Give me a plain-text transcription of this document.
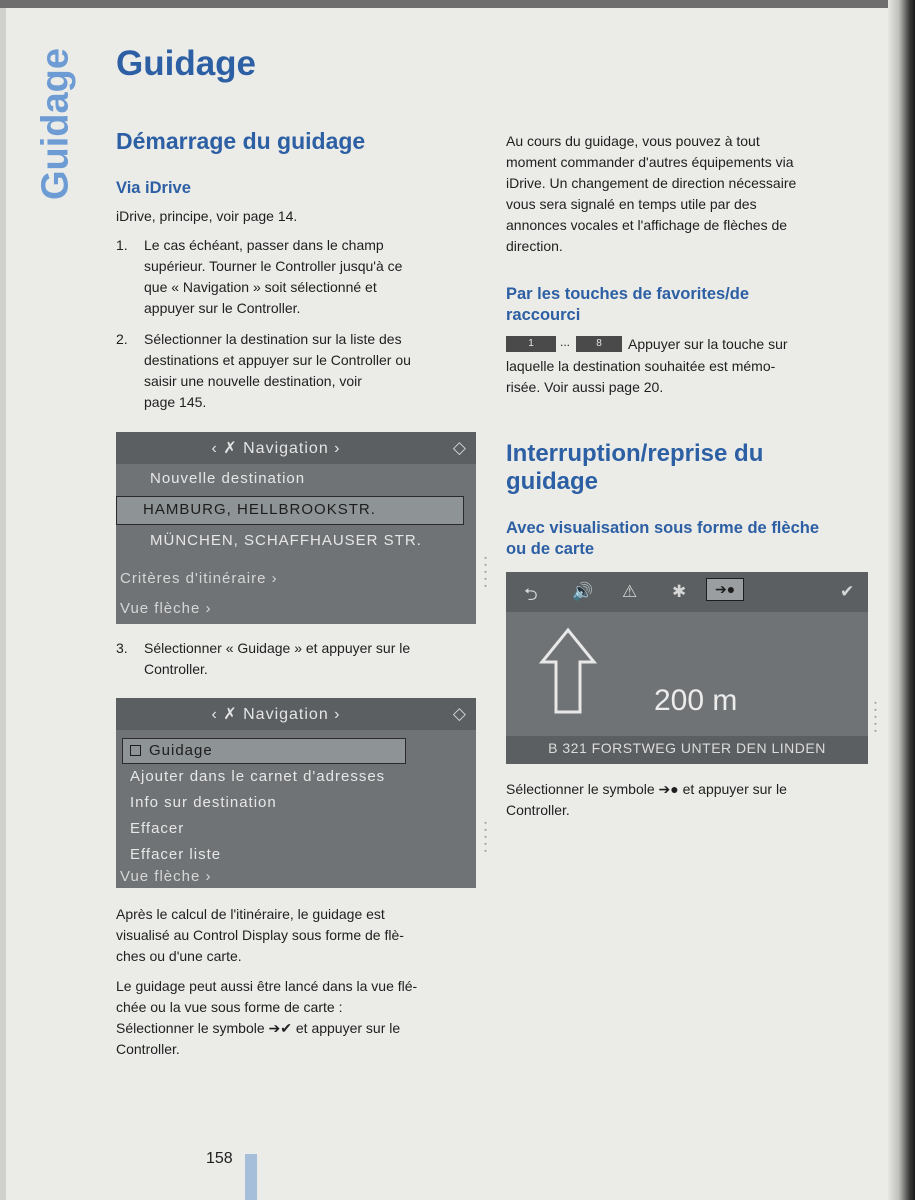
Guidage Guidage
Démarrage du guidage
Via iDrive

iDrive, principe, voir page 14.

1. Le cas échéant, passer dans le champ
supérieur. Tourner le Controller jusqu'à ce
que « Navigation » soit sélectionné et
appuyer sur le Controller.
2. Sélectionner la destination sur la liste des
destinations et appuyer sur le Controller ou
saisir une nouvelle destination, voir
page 145.
‹ ✗ Navigation ›	◇
Nouvelle destination
HAMBURG, HELLBROOKSTR.
MÜNCHEN, SCHAFFHAUSER STR.
Critères d'itinéraire ›
Vue flèche ›
▪▪▪▪▪
3. Sélectionner « Guidage » et appuyer sur le
Controller.
‹ ✗ Navigation ›	◇
Guidage
Ajouter dans le carnet d'adresses
Info sur destination
Effacer
Effacer liste
Vue flèche ›
▪▪▪▪▪
Après le calcul de l'itinéraire, le guidage est
visualisé au Control Display sous forme de flè-
ches ou d'une carte.
Le guidage peut aussi être lancé dans la vue flé-
chée ou la vue sous forme de carte :
Sélectionner le symbole ➔✔ et appuyer sur le
Controller.
Au cours du guidage, vous pouvez à tout
moment commander d'autres équipements via
iDrive. Un changement de direction nécessaire
vous sera signalé en temps utile par des
annonces vocales et l'affichage de flèches de
direction.
Par les touches de favorites/de
raccourci
1	...	8	Appuyer sur la touche sur
laquelle la destination souhaitée est mémo-
risée. Voir aussi page 20.
Interruption/reprise du
guidage
Avec visualisation sous forme de flèche
ou de carte
⮌ 🔊 ⚠ ✱	➔●	✔
200 m
B 321 FORSTWEG UNTER DEN LINDEN
▪▪▪▪▪
Sélectionner le symbole ➔● et appuyer sur le
Controller.
158
